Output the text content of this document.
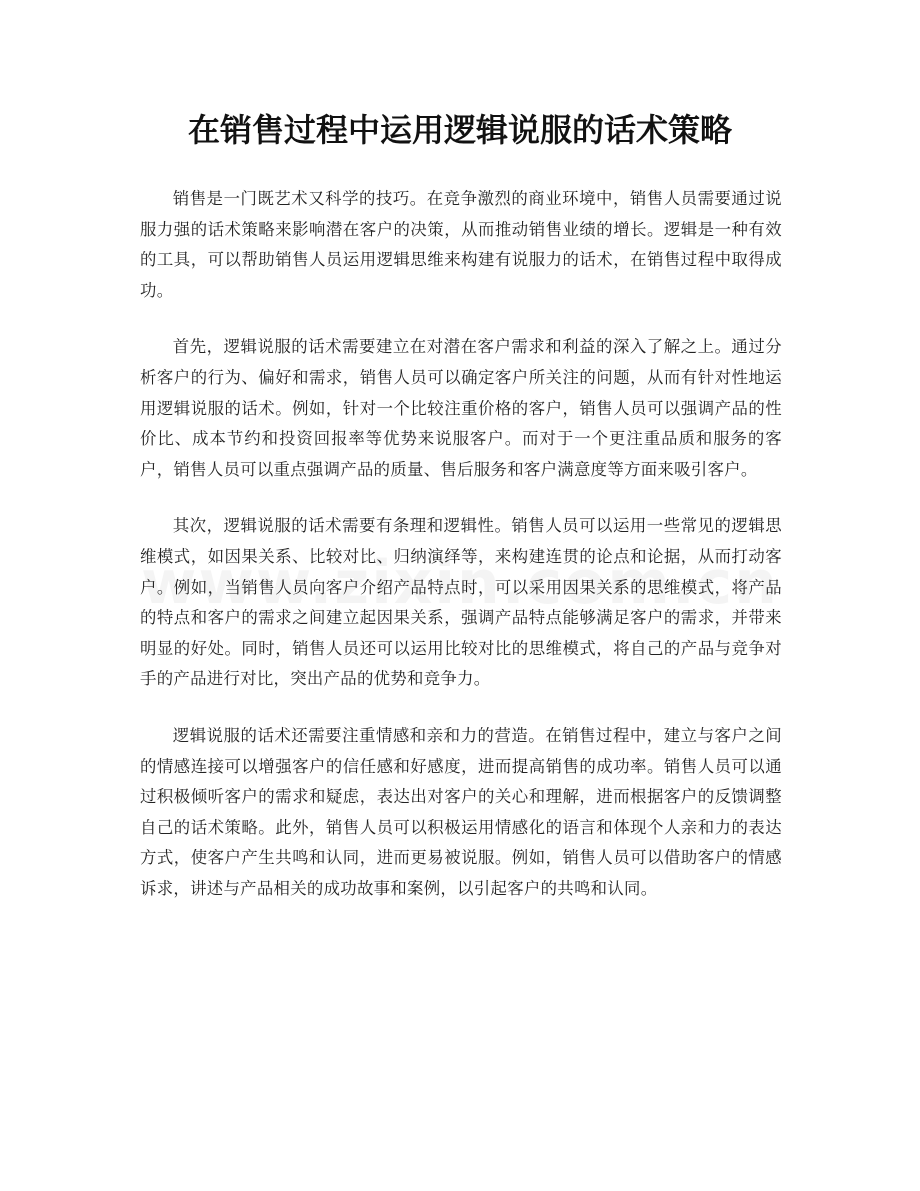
在销售过程中运用逻辑说服的话术策略

销售是一门既艺术又科学的技巧。在竞争激烈的商业环境中，销售人员需要通过说服力强的话术策略来影响潜在客户的决策，从而推动销售业绩的增长。逻辑是一种有效的工具，可以帮助销售人员运用逻辑思维来构建有说服力的话术，在销售过程中取得成功。

首先，逻辑说服的话术需要建立在对潜在客户需求和利益的深入了解之上。通过分析客户的行为、偏好和需求，销售人员可以确定客户所关注的问题，从而有针对性地运用逻辑说服的话术。例如，针对一个比较注重价格的客户，销售人员可以强调产品的性价比、成本节约和投资回报率等优势来说服客户。而对于一个更注重品质和服务的客户，销售人员可以重点强调产品的质量、售后服务和客户满意度等方面来吸引客户。

其次，逻辑说服的话术需要有条理和逻辑性。销售人员可以运用一些常见的逻辑思维模式，如因果关系、比较对比、归纳演绎等，来构建连贯的论点和论据，从而打动客户。例如，当销售人员向客户介绍产品特点时，可以采用因果关系的思维模式，将产品的特点和客户的需求之间建立起因果关系，强调产品特点能够满足客户的需求，并带来明显的好处。同时，销售人员还可以运用比较对比的思维模式，将自己的产品与竞争对手的产品进行对比，突出产品的优势和竞争力。

逻辑说服的话术还需要注重情感和亲和力的营造。在销售过程中，建立与客户之间的情感连接可以增强客户的信任感和好感度，进而提高销售的成功率。销售人员可以通过积极倾听客户的需求和疑虑，表达出对客户的关心和理解，进而根据客户的反馈调整自己的话术策略。此外，销售人员可以积极运用情感化的语言和体现个人亲和力的表达方式，使客户产生共鸣和认同，进而更易被说服。例如，销售人员可以借助客户的情感诉求，讲述与产品相关的成功故事和案例，以引起客户的共鸣和认同。
